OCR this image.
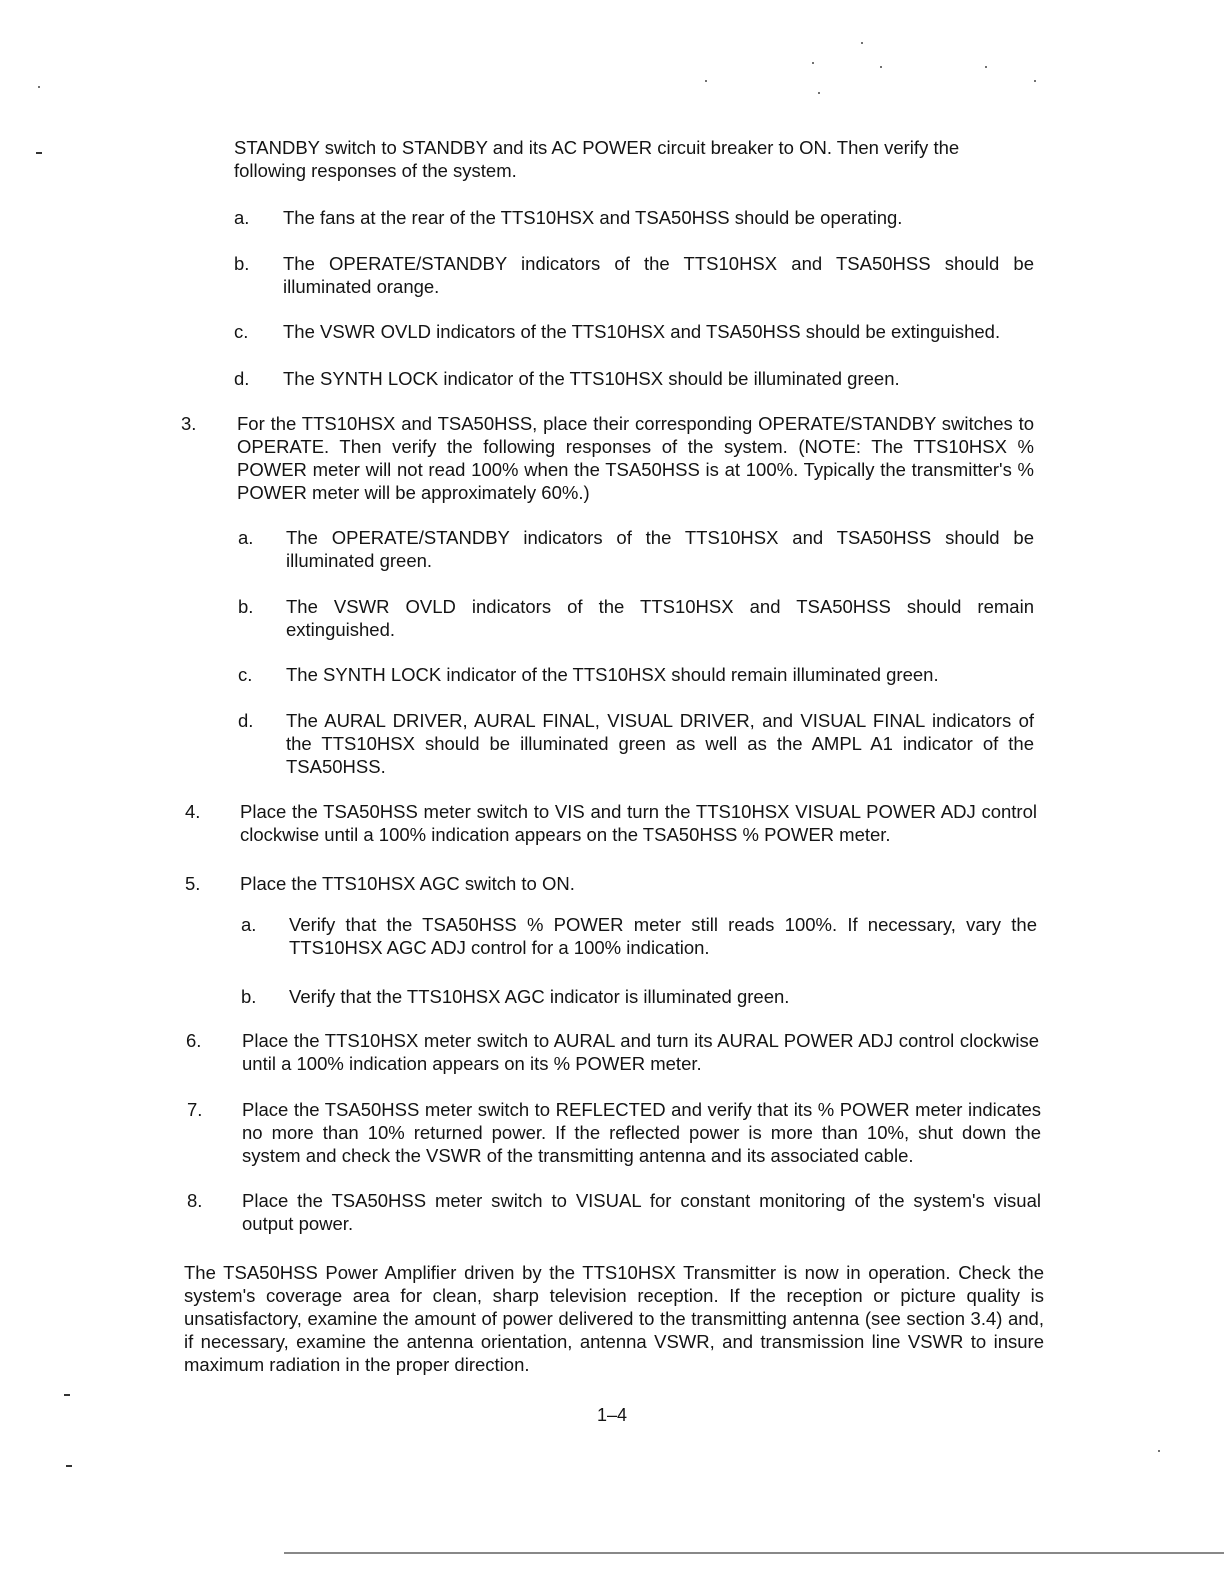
STANDBY switch to STANDBY and its AC POWER circuit breaker to ON. Then verify the following responses of the system.

a. The fans at the rear of the TTS10HSX and TSA50HSS should be operating.

b. The OPERATE/STANDBY indicators of the TTS10HSX and TSA50HSS should be illuminated orange.

c. The VSWR OVLD indicators of the TTS10HSX and TSA50HSS should be extinguished.

d. The SYNTH LOCK indicator of the TTS10HSX should be illuminated green.

3. For the TTS10HSX and TSA50HSS, place their corresponding OPERATE/STANDBY switches to OPERATE. Then verify the following responses of the system. (NOTE: The TTS10HSX % POWER meter will not read 100% when the TSA50HSS is at 100%. Typically the transmitter's % POWER meter will be approximately 60%.)

a. The OPERATE/STANDBY indicators of the TTS10HSX and TSA50HSS should be illuminated green.

b. The VSWR OVLD indicators of the TTS10HSX and TSA50HSS should remain extinguished.

c. The SYNTH LOCK indicator of the TTS10HSX should remain illuminated green.

d. The AURAL DRIVER, AURAL FINAL, VISUAL DRIVER, and VISUAL FINAL indicators of the TTS10HSX should be illuminated green as well as the AMPL A1 indicator of the TSA50HSS.

4. Place the TSA50HSS meter switch to VIS and turn the TTS10HSX VISUAL POWER ADJ control clockwise until a 100% indication appears on the TSA50HSS % POWER meter.

5. Place the TTS10HSX AGC switch to ON.

a. Verify that the TSA50HSS % POWER meter still reads 100%. If necessary, vary the TTS10HSX AGC ADJ control for a 100% indication.

b. Verify that the TTS10HSX AGC indicator is illuminated green.

6. Place the TTS10HSX meter switch to AURAL and turn its AURAL POWER ADJ control clockwise until a 100% indication appears on its % POWER meter.

7. Place the TSA50HSS meter switch to REFLECTED and verify that its % POWER meter indicates no more than 10% returned power. If the reflected power is more than 10%, shut down the system and check the VSWR of the transmitting antenna and its associated cable.

8. Place the TSA50HSS meter switch to VISUAL for constant monitoring of the system's visual output power.

The TSA50HSS Power Amplifier driven by the TTS10HSX Transmitter is now in operation. Check the system's coverage area for clean, sharp television reception. If the reception or picture quality is unsatisfactory, examine the amount of power delivered to the transmitting antenna (see section 3.4) and, if necessary, examine the antenna orientation, antenna VSWR, and transmission line VSWR to insure maximum radiation in the proper direction.

1–4
